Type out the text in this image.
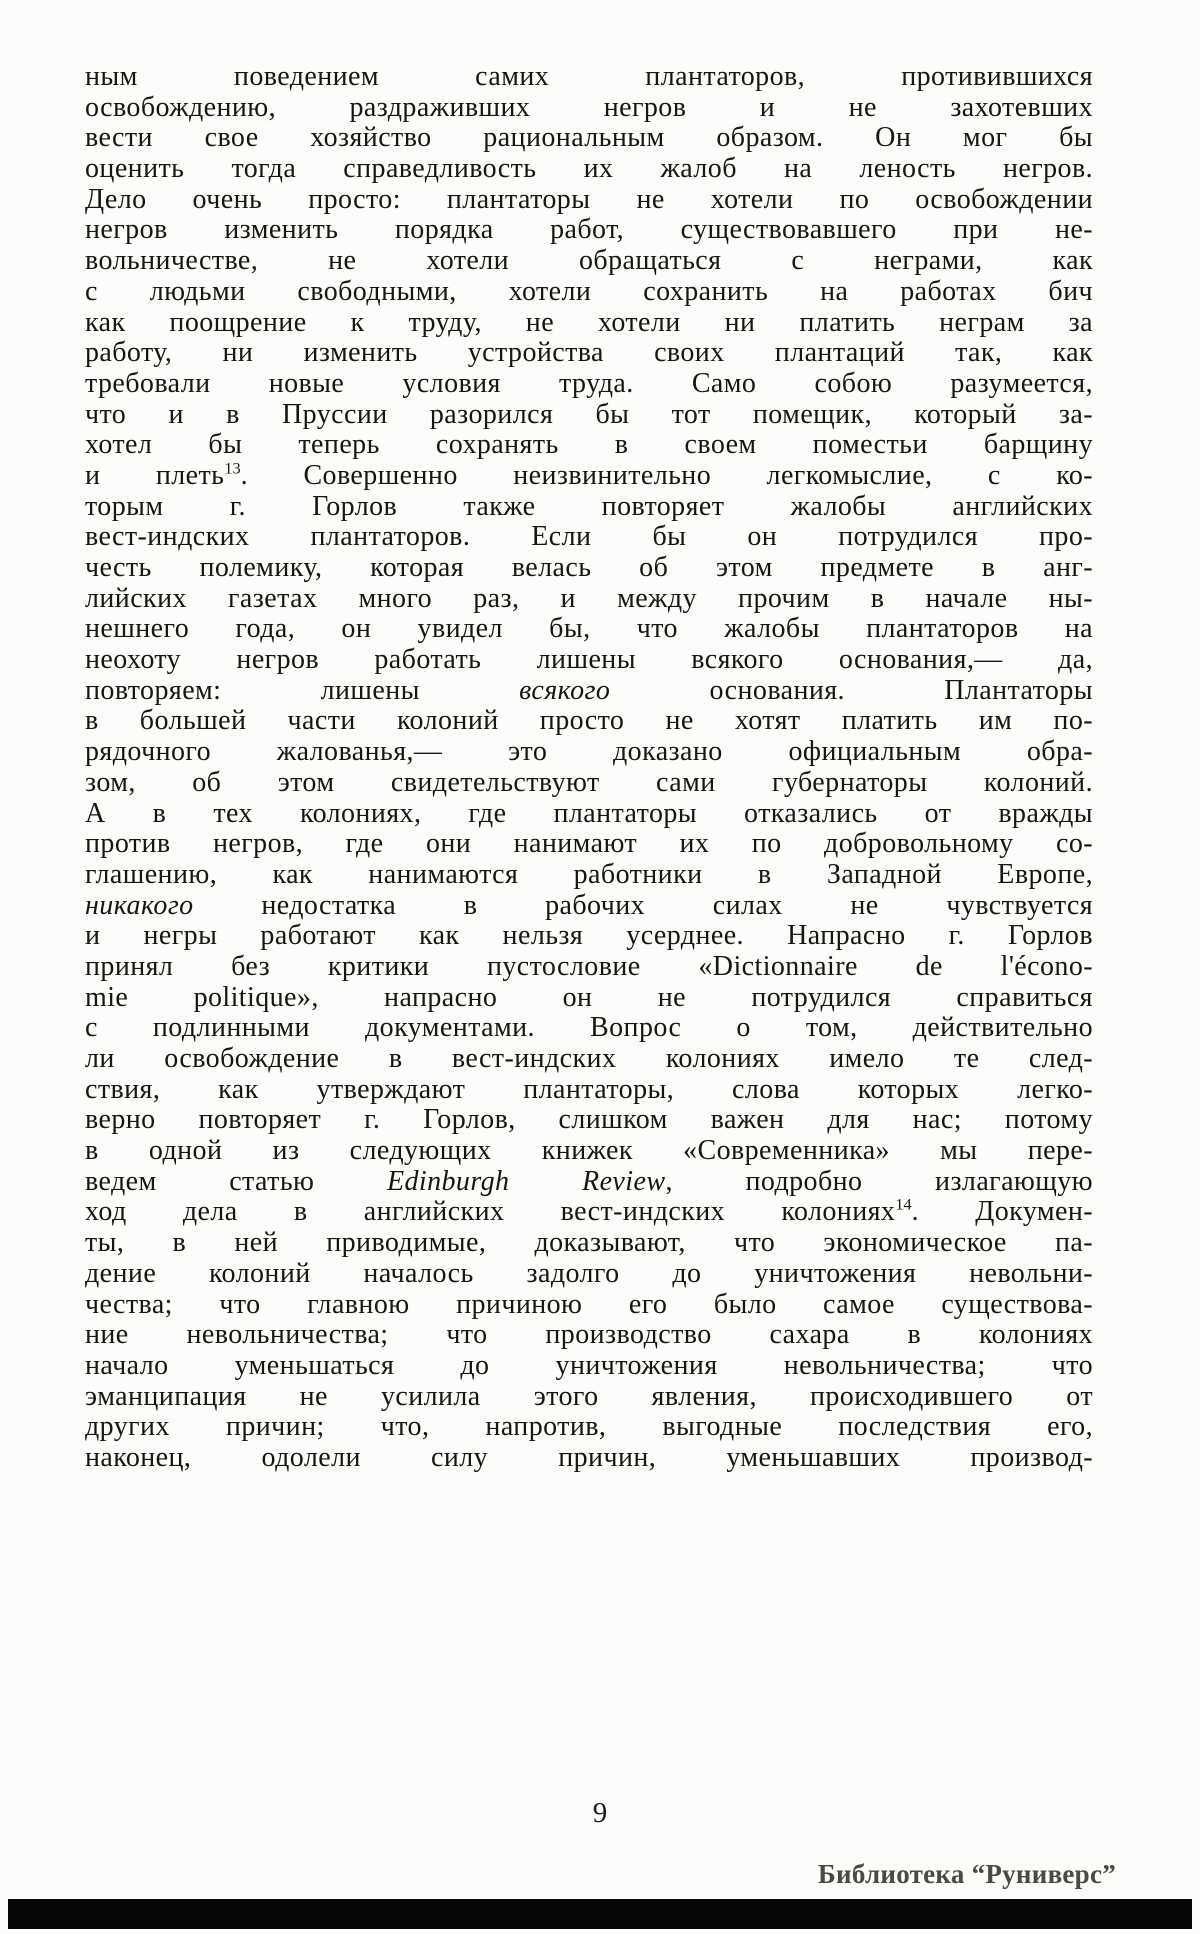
ным поведением самих плантаторов, противившихся
освобождению, раздраживших негров и не захотевших
вести свое хозяйство рациональным образом. Он мог бы
оценить тогда справедливость их жалоб на леность негров.
Дело очень просто: плантаторы не хотели по освобождении
негров изменить порядка работ, существовавшего при не-
вольничестве, не хотели обращаться с неграми, как
с людьми свободными, хотели сохранить на работах бич
как поощрение к труду, не хотели ни платить неграм за
работу, ни изменить устройства своих плантаций так, как
требовали новые условия труда. Само собою разумеется,
что и в Пруссии разорился бы тот помещик, который за-
хотел бы теперь сохранять в своем поместьи барщину
и плеть$^{13}$. Совершенно неизвинительно легкомыслие, с ко-
торым г. Горлов также повторяет жалобы английских
вест-индских плантаторов. Если бы он потрудился про-
честь полемику, которая велась об этом предмете в анг-
лийских газетах много раз, и между прочим в начале ны-
нешнего года, он увидел бы, что жалобы плантаторов на
неохоту негров работать лишены всякого основания,— да,
повторяем: лишены всякого основания. Плантаторы
в большей части колоний просто не хотят платить им по-
рядочного жалованья,— это доказано официальным обра-
зом, об этом свидетельствуют сами губернаторы колоний.
А в тех колониях, где плантаторы отказались от вражды
против негров, где они нанимают их по добровольному со-
глашению, как нанимаются работники в Западной Европе,
никакого недостатка в рабочих силах не чувствуется
и негры работают как нельзя усерднее. Напрасно г. Горлов
принял без критики пустословие «Dictionnaire de l'écono-
mie politique», напрасно он не потрудился справиться
с подлинными документами. Вопрос о том, действительно
ли освобождение в вест-индских колониях имело те след-
ствия, как утверждают плантаторы, слова которых легко-
верно повторяет г. Горлов, слишком важен для нас; потому
в одной из следующих книжек «Современника» мы пере-
ведем статью Edinburgh Review, подробно излагающую
ход дела в английских вест-индских колониях$^{14}$. Докумен-
ты, в ней приводимые, доказывают, что экономическое па-
дение колоний началось задолго до уничтожения невольни-
чества; что главною причиною его было самое существова-
ние невольничества; что производство сахара в колониях
начало уменьшаться до уничтожения невольничества; что
эманципация не усилила этого явления, происходившего от
других причин; что, напротив, выгодные последствия его,
наконец, одолели силу причин, уменьшавших производ-
9
Библиотека “Руниверс”
